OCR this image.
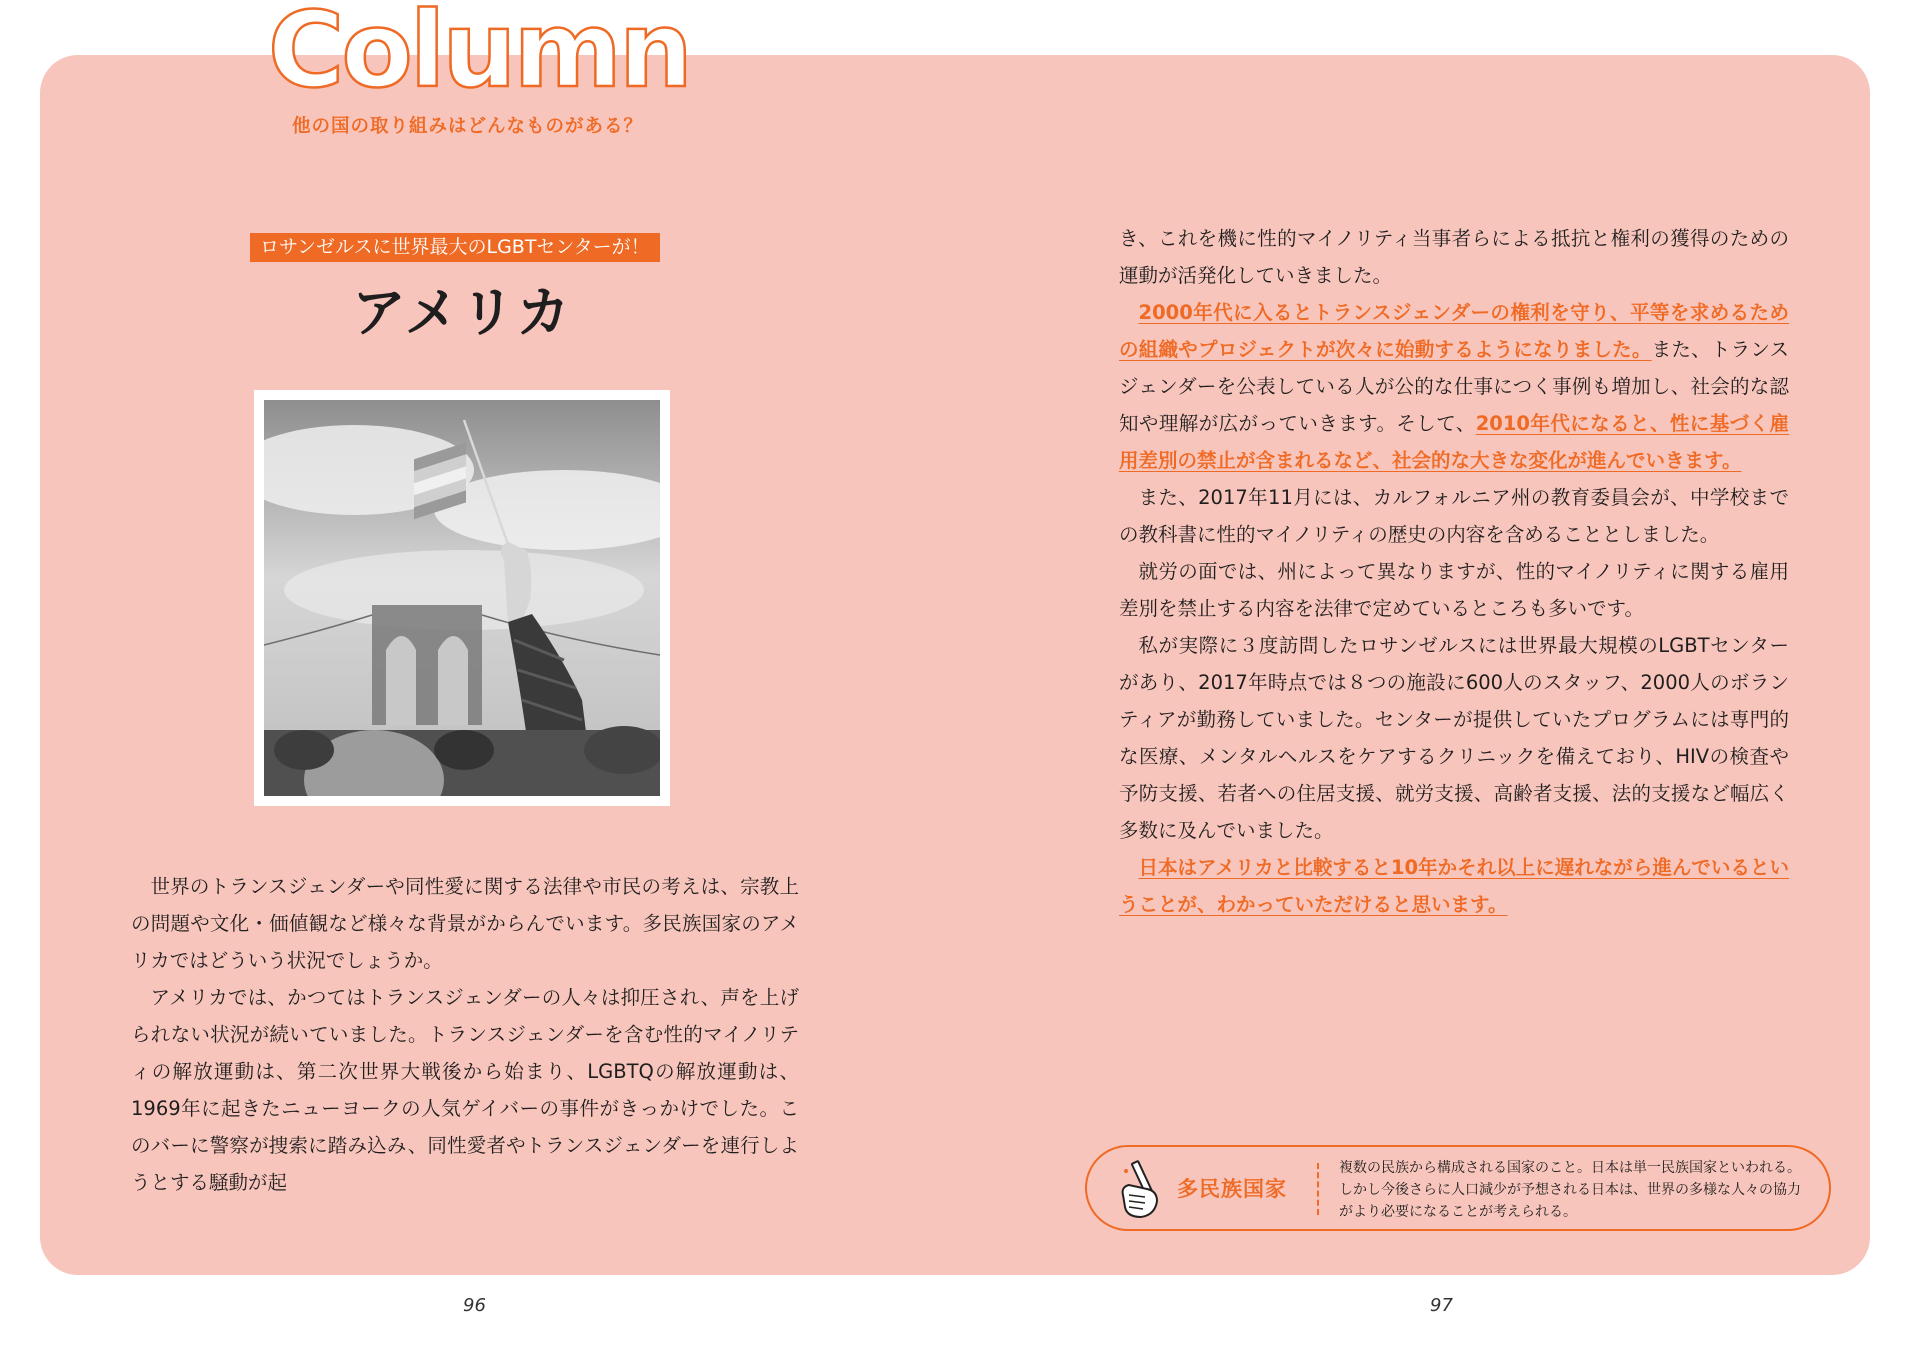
Column
他の国の取り組みはどんなものがある？
ロサンゼルスに世界最大のLGBTセンターが！
アメリカ

世界のトランスジェンダーや同性愛に関する法律や市民の考えは、宗教上の問題や文化・価値観など様々な背景がからんでいます。多民族国家のアメリカではどういう状況でしょうか。

アメリカでは、かつてはトランスジェンダーの人々は抑圧され、声を上げられない状況が続いていました。トランスジェンダーを含む性的マイノリティの解放運動は、第二次世界大戦後から始まり、LGBTQの解放運動は、1969年に起きたニューヨークの人気ゲイバーの事件がきっかけでした。このバーに警察が捜索に踏み込み、同性愛者やトランスジェンダーを連行しようとする騒動が起

き、これを機に性的マイノリティ当事者らによる抵抗と権利の獲得のための運動が活発化していきました。

2000年代に入るとトランスジェンダーの権利を守り、平等を求めるための組織やプロジェクトが次々に始動するようになりました。また、トランスジェンダーを公表している人が公的な仕事につく事例も増加し、社会的な認知や理解が広がっていきます。そして、2010年代になると、性に基づく雇用差別の禁止が含まれるなど、社会的な大きな変化が進んでいきます。

また、2017年11月には、カルフォルニア州の教育委員会が、中学校までの教科書に性的マイノリティの歴史の内容を含めることとしました。

就労の面では、州によって異なりますが、性的マイノリティに関する雇用差別を禁止する内容を法律で定めているところも多いです。

私が実際に３度訪問したロサンゼルスには世界最大規模のLGBTセンターがあり、2017年時点では８つの施設に600人のスタッフ、2000人のボランティアが勤務していました。センターが提供していたプログラムには専門的な医療、メンタルヘルスをケアするクリニックを備えており、HIVの検査や予防支援、若者への住居支援、就労支援、高齢者支援、法的支援など幅広く多数に及んでいました。

日本はアメリカと比較すると10年かそれ以上に遅れながら進んでいるということが、わかっていただけると思います。

多民族国家
複数の民族から構成される国家のこと。日本は単一民族国家といわれる。しかし今後さらに人口減少が予想される日本は、世界の多様な人々の協力がより必要になることが考えられる。
96	97
